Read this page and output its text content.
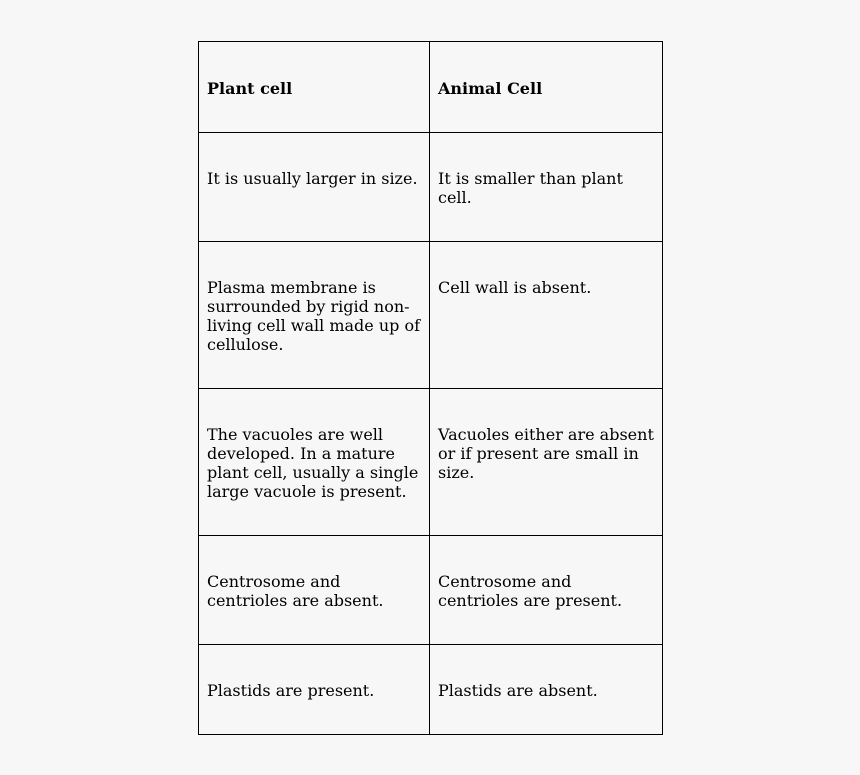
Plant cell	Animal Cell

It is usually larger in size.	It is smaller than plant cell.

Plasma membrane is surrounded by rigid non-living cell wall made up of cellulose.	Cell wall is absent.

The vacuoles are well developed. In a mature plant cell, usually a single large vacuole is present.	Vacuoles either are absent or if present are small in size.

Centrosome and centrioles are absent.	Centrosome and centrioles are present.

Plastids are present.	Plastids are absent.
